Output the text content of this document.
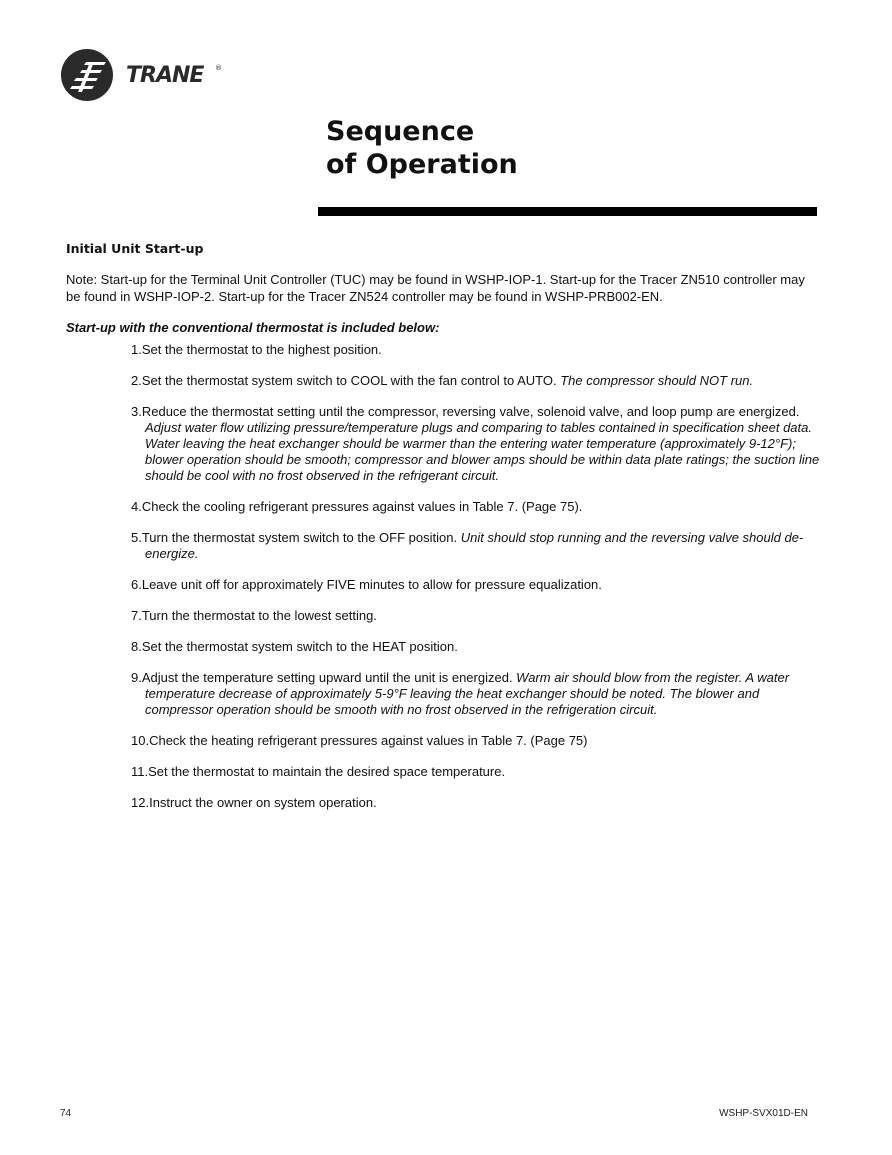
TRANE ®
Sequence
of Operation
Initial Unit Start-up

Note: Start-up for the Terminal Unit Controller (TUC) may be found in WSHP-IOP-1. Start-up for the Tracer ZN510 controller may be found in WSHP-IOP-2. Start-up for the Tracer ZN524 controller may be found in WSHP-PRB002-EN.

Start-up with the conventional thermostat is included below:

1.Set the thermostat to the highest position.
2.Set the thermostat system switch to COOL with the fan control to AUTO. The compressor should NOT run.
3.Reduce the thermostat setting until the compressor, reversing valve, solenoid valve, and loop pump are energized. Adjust water flow utilizing pressure/temperature plugs and comparing to tables contained in specification sheet data. Water leaving the heat exchanger should be warmer than the entering water temperature (approximately 9-12°F); blower operation should be smooth; compressor and blower amps should be within data plate ratings; the suction line should be cool with no frost observed in the refrigerant circuit.
4.Check the cooling refrigerant pressures against values in Table 7. (Page 75).
5.Turn the thermostat system switch to the OFF position. Unit should stop running and the reversing valve should de-energize.
6.Leave unit off for approximately FIVE minutes to allow for pressure equalization.
7.Turn the thermostat to the lowest setting.
8.Set the thermostat system switch to the HEAT position.
9.Adjust the temperature setting upward until the unit is energized. Warm air should blow from the register. A water temperature decrease of approximately 5-9°F leaving the heat exchanger should be noted. The blower and compressor operation should be smooth with no frost observed in the refrigeration circuit.
10.Check the heating refrigerant pressures against values in Table 7. (Page 75)
11.Set the thermostat to maintain the desired space temperature.
12.Instruct the owner on system operation.
74	WSHP-SVX01D-EN
